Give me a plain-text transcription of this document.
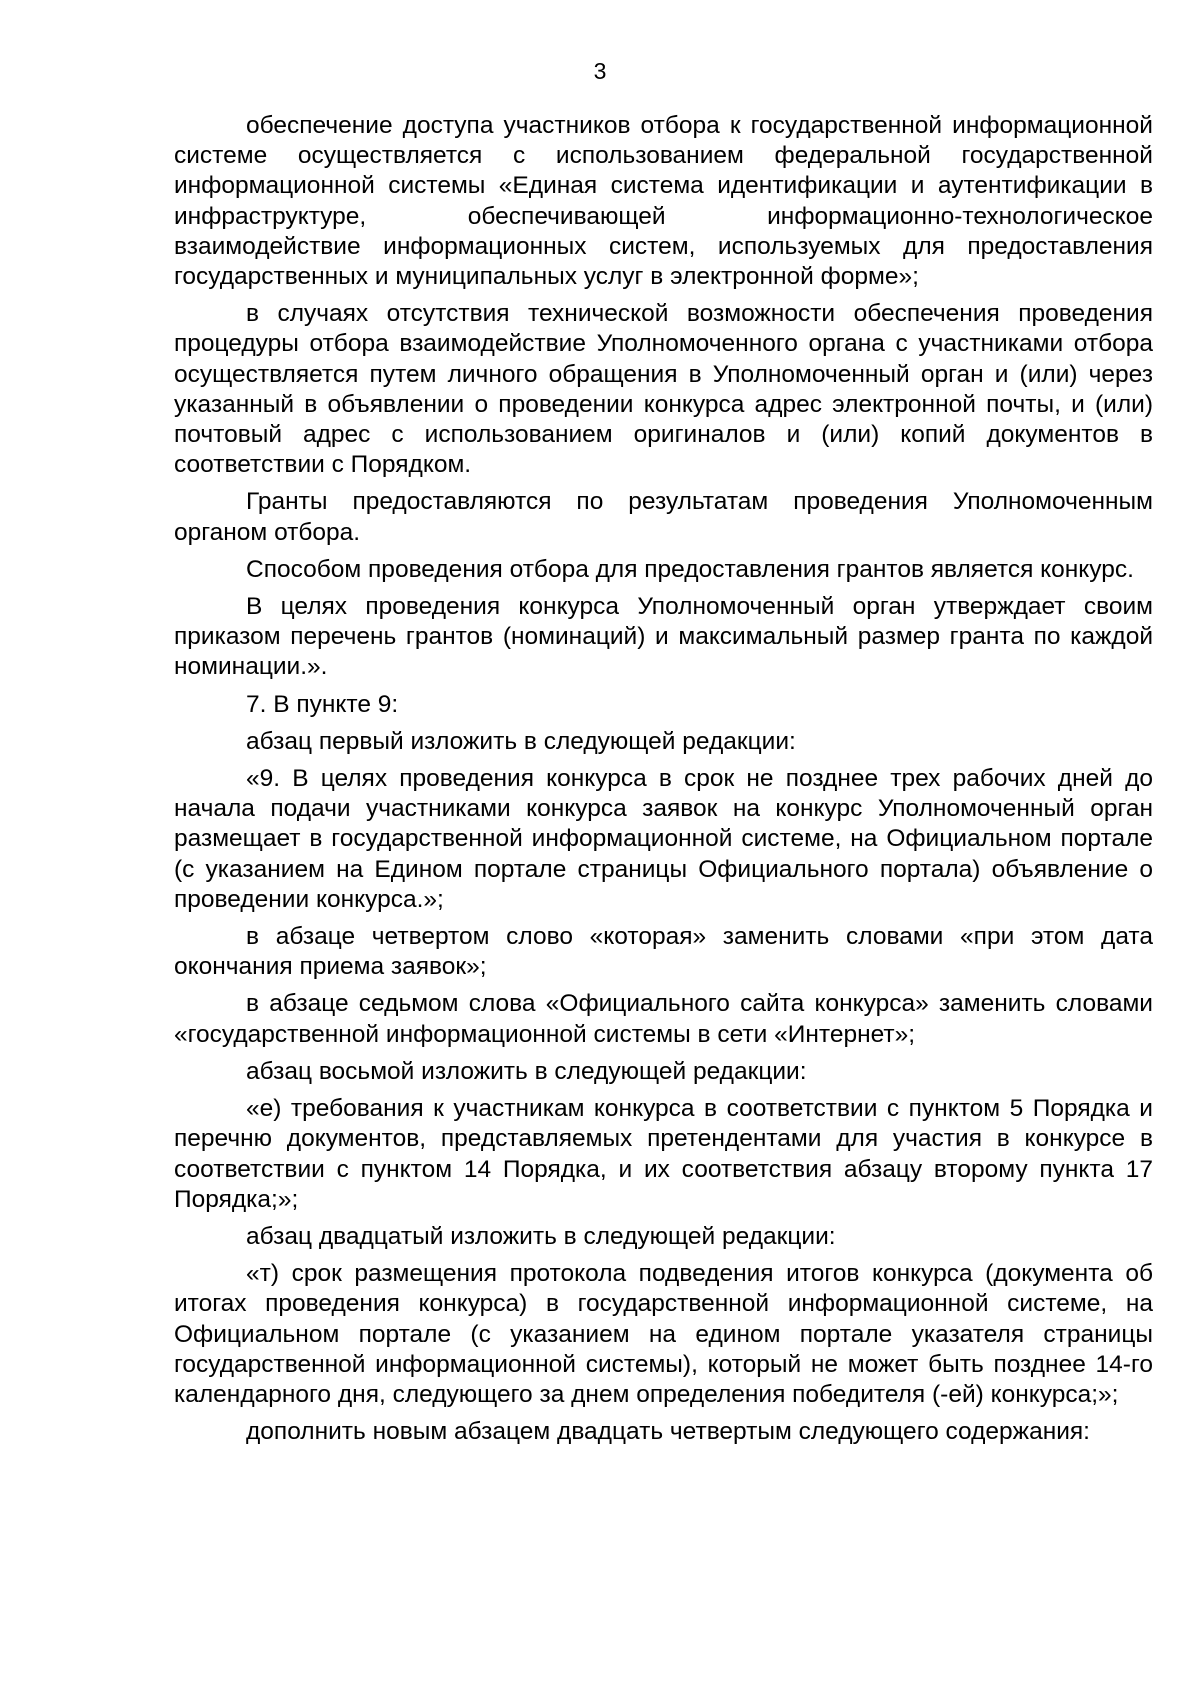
3

обеспечение доступа участников отбора к государственной информационной системе осуществляется с использованием федеральной государственной информационной системы «Единая система идентификации и аутентификации в инфраструктуре, обеспечивающей информационно-технологическое взаимодействие информационных систем, используемых для предоставления государственных и муниципальных услуг в электронной форме»;

в случаях отсутствия технической возможности обеспечения проведения процедуры отбора взаимодействие Уполномоченного органа с участниками отбора осуществляется путем личного обращения в Уполномоченный орган и (или) через указанный в объявлении о проведении конкурса адрес электронной почты, и (или) почтовый адрес с использованием оригиналов и (или) копий документов в соответствии с Порядком.

Гранты предоставляются по результатам проведения Уполномоченным органом отбора.

Способом проведения отбора для предоставления грантов является конкурс.

В целях проведения конкурса Уполномоченный орган утверждает своим приказом перечень грантов (номинаций) и максимальный размер гранта по каждой номинации.».

7. В пункте 9:

абзац первый изложить в следующей редакции:

«9. В целях проведения конкурса в срок не позднее трех рабочих дней до начала подачи участниками конкурса заявок на конкурс Уполномоченный орган размещает в государственной информационной системе, на Официальном портале (с указанием на Едином портале страницы Официального портала) объявление о проведении конкурса.»;

в абзаце четвертом слово «которая» заменить словами «при этом дата окончания приема заявок»;

в абзаце седьмом слова «Официального сайта конкурса» заменить словами «государственной информационной системы в сети «Интернет»;

абзац восьмой изложить в следующей редакции:

«е) требования к участникам конкурса в соответствии с пунктом 5 Порядка и перечню документов, представляемых претендентами для участия в конкурсе в соответствии с пунктом 14 Порядка, и их соответствия абзацу второму пункта 17 Порядка;»;

абзац двадцатый изложить в следующей редакции:

«т) срок размещения протокола подведения итогов конкурса (документа об итогах проведения конкурса) в государственной информационной системе, на Официальном портале (с указанием на едином портале указателя страницы государственной информационной системы), который не может быть позднее 14-го календарного дня, следующего за днем определения победителя (-ей) конкурса;»;

дополнить новым абзацем двадцать четвертым следующего содержания:
